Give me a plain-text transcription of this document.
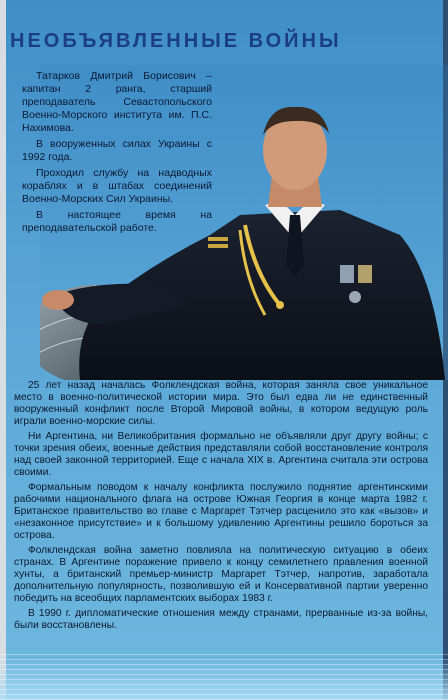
НЕОБЪЯВЛЕННЫЕ ВОЙНЫ

Татарков Дмитрий Борисович – капитан 2 ранга, старший преподаватель Севастопольского Военно-Морского института им. П.С. Нахимова.

В вооруженных силах Украины с 1992 года.

Проходил службу на надводных кораблях и в штабах соединений Военно-Морских Сил Украины.

В настоящее время на преподавательской работе.

25 лет назад началась Фолклендская война, которая заняла свое уникальное место в военно-политической истории мира. Это был едва ли не единственный вооруженный конфликт после Второй Мировой войны, в котором ведущую роль играли военно-морские силы.

Ни Аргентина, ни Великобритания формально не объявляли друг другу войны; с точки зрения обеих, военные действия представляли собой восстановление контроля над своей законной территорией. Еще с начала XIX в. Аргентина считала эти острова своими.

Формальным поводом к началу конфликта послужило поднятие аргентинскими рабочими национального флага на острове Южная Георгия в конце марта 1982 г. Британское правительство во главе с Маргарет Тэтчер расценило это как «вызов» и «незаконное присутствие» и к большому удивлению Аргентины решило бороться за острова.

Фолклендская война заметно повлияла на политическую ситуацию в обеих странах. В Аргентине поражение привело к концу семилетнего правления военной хунты, а британский премьер-министр Маргарет Тэтчер, напротив, заработала дополнительную популярность, позволившую ей и Консервативной партии уверенно победить на всеобщих парламентских выборах 1983 г.

В 1990 г. дипломатические отношения между странами, прерванные из-за войны, были восстановлены.
